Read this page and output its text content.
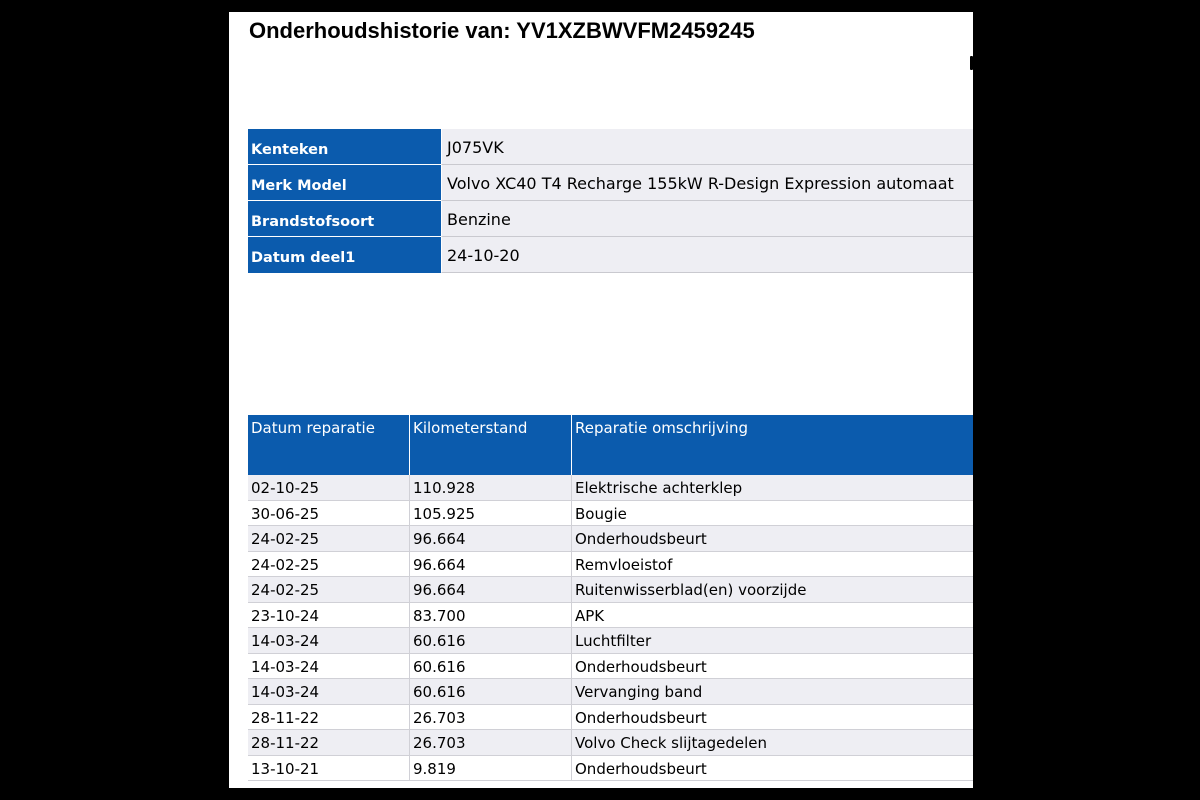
Onderhoudshistorie van: YV1XZBWVFM2459245
Kenteken	J075VK
Merk Model	Volvo XC40 T4 Recharge 155kW R-Design Expression automaat
Brandstofsoort	Benzine
Datum deel1	24-10-20
Datum reparatie	Kilometerstand	Reparatie omschrijving
02-10-25	110.928	Elektrische achterklep
30-06-25	105.925	Bougie
24-02-25	96.664	Onderhoudsbeurt
24-02-25	96.664	Remvloeistof
24-02-25	96.664	Ruitenwisserblad(en) voorzijde
23-10-24	83.700	APK
14-03-24	60.616	Luchtfilter
14-03-24	60.616	Onderhoudsbeurt
14-03-24	60.616	Vervanging band
28-11-22	26.703	Onderhoudsbeurt
28-11-22	26.703	Volvo Check slijtagedelen
13-10-21	9.819	Onderhoudsbeurt
